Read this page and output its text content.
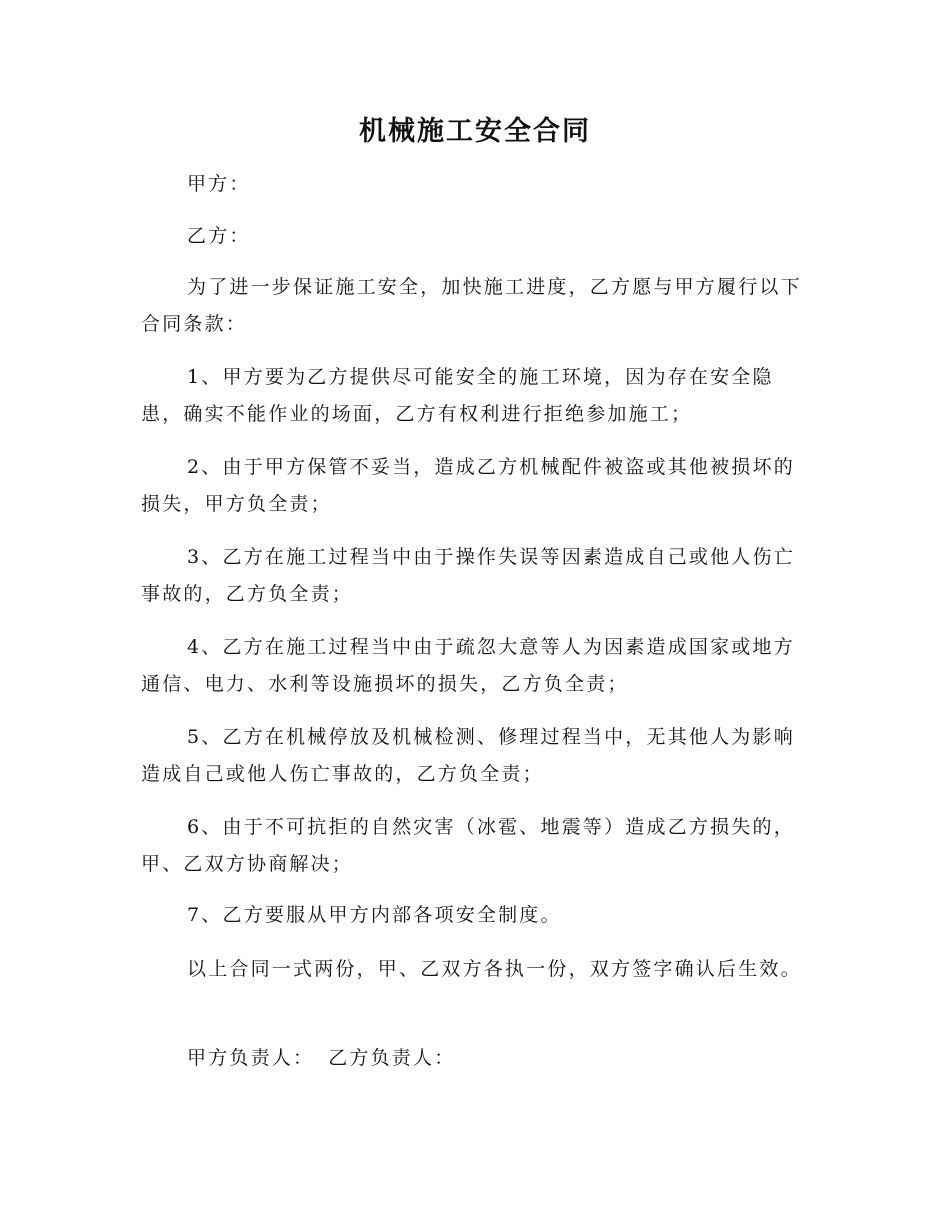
机械施工安全合同

甲方：

乙方：

为了进一步保证施工安全，加快施工进度，乙方愿与甲方履行以下合同条款：

1、甲方要为乙方提供尽可能安全的施工环境，因为存在安全隐患，确实不能作业的场面，乙方有权利进行拒绝参加施工；

2、由于甲方保管不妥当，造成乙方机械配件被盗或其他被损坏的损失，甲方负全责；

3、乙方在施工过程当中由于操作失误等因素造成自己或他人伤亡事故的，乙方负全责；

4、乙方在施工过程当中由于疏忽大意等人为因素造成国家或地方通信、电力、水利等设施损坏的损失，乙方负全责；

5、乙方在机械停放及机械检测、修理过程当中，无其他人为影响造成自己或他人伤亡事故的，乙方负全责；

6、由于不可抗拒的自然灾害（冰雹、地震等）造成乙方损失的，甲、乙双方协商解决；

7、乙方要服从甲方内部各项安全制度。

以上合同一式两份，甲、乙双方各执一份，双方签字确认后生效。

甲方负责人： 乙方负责人：
